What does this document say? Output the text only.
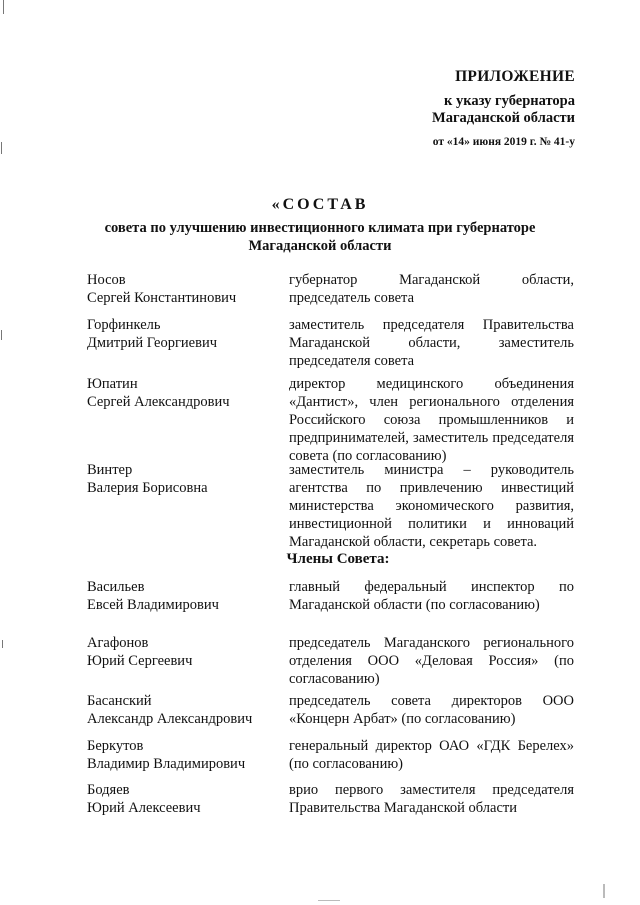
ПРИЛОЖЕНИЕ
к указу губернатора
Магаданской области
от «14» июня 2019 г. № 41-у
«СОСТАВ
совета по улучшению инвестиционного климата при губернаторе
Магаданской области
Носов
Сергей Константинович
губернатор Магаданской области, председатель совета
Горфинкель
Дмитрий Георгиевич
заместитель председателя Правительства Магаданской области, заместитель председателя совета
Юпатин
Сергей Александрович
директор медицинского объединения «Дантист», член регионального отделения Российского союза промышленников и предпринимателей, заместитель председателя совета (по согласованию)
Винтер
Валерия Борисовна
заместитель министра – руководитель агентства по привлечению инвестиций министерства экономического развития, инвестиционной политики и инноваций Магаданской области, секретарь совета.
Члены Совета:
Васильев
Евсей Владимирович
главный федеральный инспектор по Магаданской области (по согласованию)
Агафонов
Юрий Сергеевич
председатель Магаданского регионального отделения ООО «Деловая Россия» (по согласованию)
Басанский
Александр Александрович
председатель совета директоров ООО «Концерн Арбат» (по согласованию)
Беркутов
Владимир Владимирович
генеральный директор ОАО «ГДК Берелех» (по согласованию)
Бодяев
Юрий Алексеевич
врио первого заместителя председателя Правительства Магаданской области
